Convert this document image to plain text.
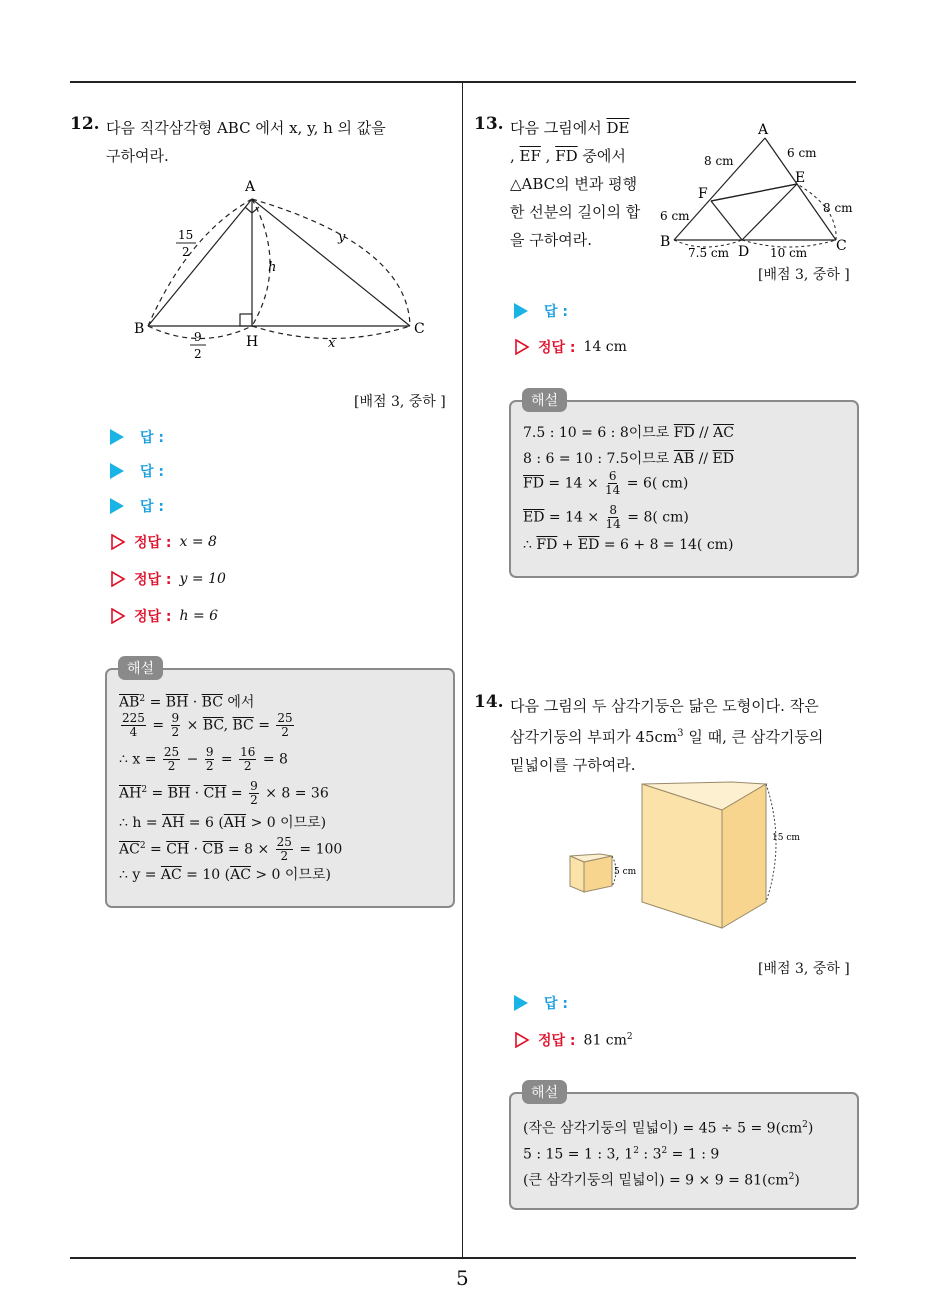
5
12. 다음 직각삼각형 ABC 에서 x, y, h 의 값을
구하여라.
A
B	C
H
15
2
9
2
x
y
h
[배점 3, 중하 ]
답 :
답 :
답 :
정답 : x = 8
정답 : y = 10
정답 : h = 6
$\overline{AB}^2 = \overline{BH} \cdot \overline{BC}$ 에서
$\frac{225}{4} = \frac{9}{2} \times \overline{BC}$, $\overline{BC} = \frac{25}{2}$
∴ $x = \frac{25}{2} - \frac{9}{2} = \frac{16}{2} = 8$
$\overline{AH}^2 = \overline{BH} \cdot \overline{CH} = \frac{9}{2} \times 8 = 36$
∴ $h = \overline{AH} = 6$ ($\overline{AH} > 0$ 이므로)
$\overline{AC}^2 = \overline{CH} \cdot \overline{CB} = 8 \times \frac{25}{2} = 100$
∴ $y = \overline{AC} = 10$ ($\overline{AC} > 0$ 이므로)
해설
13. 다음 그림에서 $\overline{DE}$
, $\overline{EF}$ , $\overline{FD}$ 중에서
△ABC의 변과 평행
한 선분의 길이의 합
을 구하여라.
A
B	C
D
E
F
8 cm
6 cm
6 cm
8 cm
7.5 cm	10 cm
[배점 3, 중하 ]
답 :
정답 : 14 cm
7.5 : 10 = 6 : 8이므로 $\overline{FD} // \overline{AC}$
8 : 6 = 10 : 7.5이므로 $\overline{AB} // \overline{ED}$
$\overline{FD} = 14 \times \frac{6}{14} = 6$( cm)
$\overline{ED} = 14 \times \frac{8}{14} = 8$( cm)
∴ $\overline{FD} + \overline{ED} = 6 + 8 = 14$( cm)
해설
14. 다음 그림의 두 삼각기둥은 닮은 도형이다. 작은
삼각기둥의 부피가 $45cm^3$ 일 때, 큰 삼각기둥의
밑넓이를 구하여라.
5 cm
15 cm
[배점 3, 중하 ]
답 :
정답 : 81 $cm^2$
(작은 삼각기둥의 밑넓이) = $45 \div 5 = 9(cm^2)$
5 : 15 = 1 : 3, $1^2$ : $3^2 = 1$ : 9
(큰 삼각기둥의 밑넓이) = $9 \times 9 = 81(cm^2)$
해설
